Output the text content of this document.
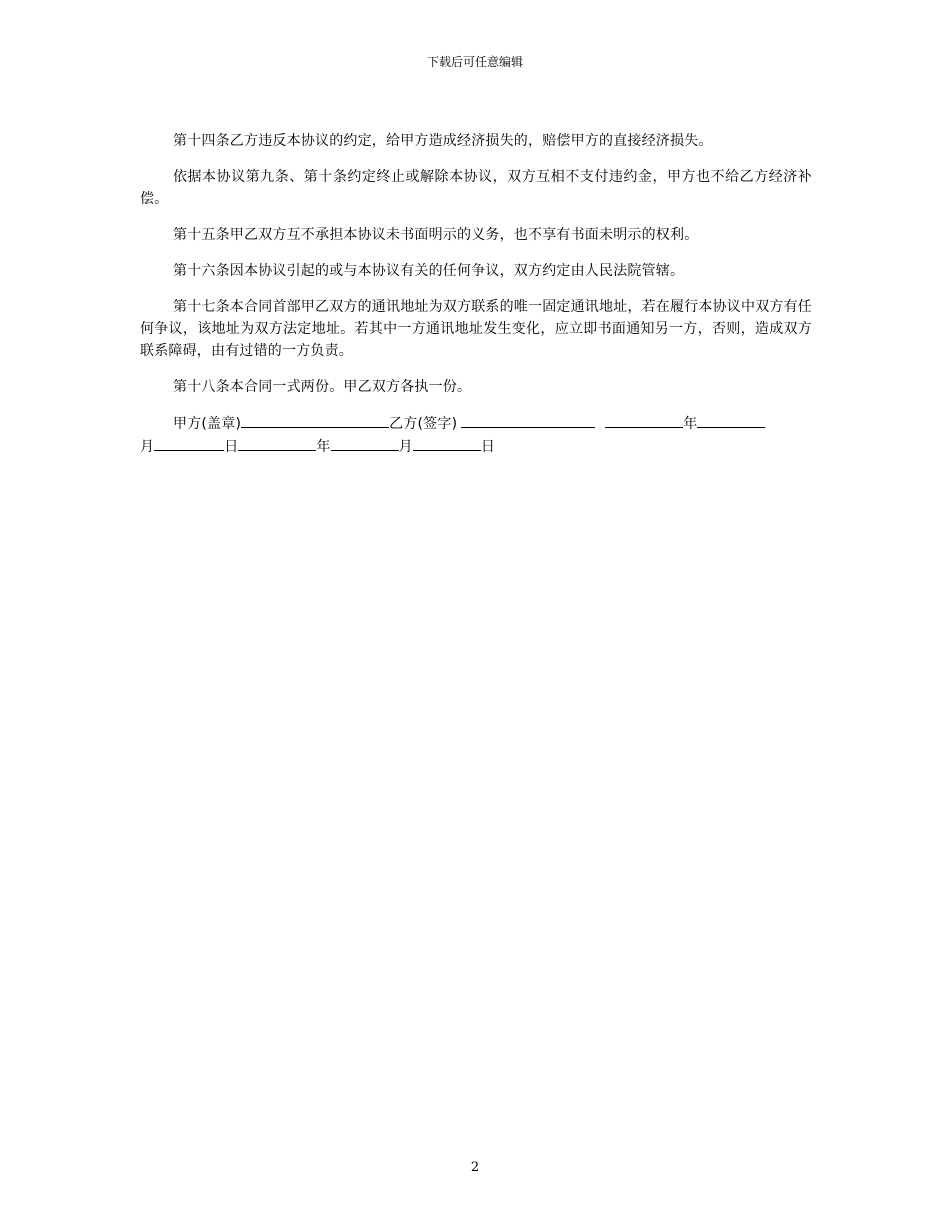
下载后可任意编辑

第十四条乙方违反本协议的约定，给甲方造成经济损失的，赔偿甲方的直接经济损失。

依据本协议第九条、第十条约定终止或解除本协议，双方互相不支付违约金，甲方也不给乙方经济补偿。

第十五条甲乙双方互不承担本协议未书面明示的义务，也不享有书面未明示的权利。

第十六条因本协议引起的或与本协议有关的任何争议，双方约定由人民法院管辖。

第十七条本合同首部甲乙双方的通讯地址为双方联系的唯一固定通讯地址，若在履行本协议中双方有任何争议，该地址为双方法定地址。若其中一方通讯地址发生变化，应立即书面通知另一方，否则，造成双方联系障碍，由有过错的一方负责。

第十八条本合同一式两份。甲乙双方各执一份。

甲方(盖章)	乙方(签字)	年
月	日	年	月	日
2
